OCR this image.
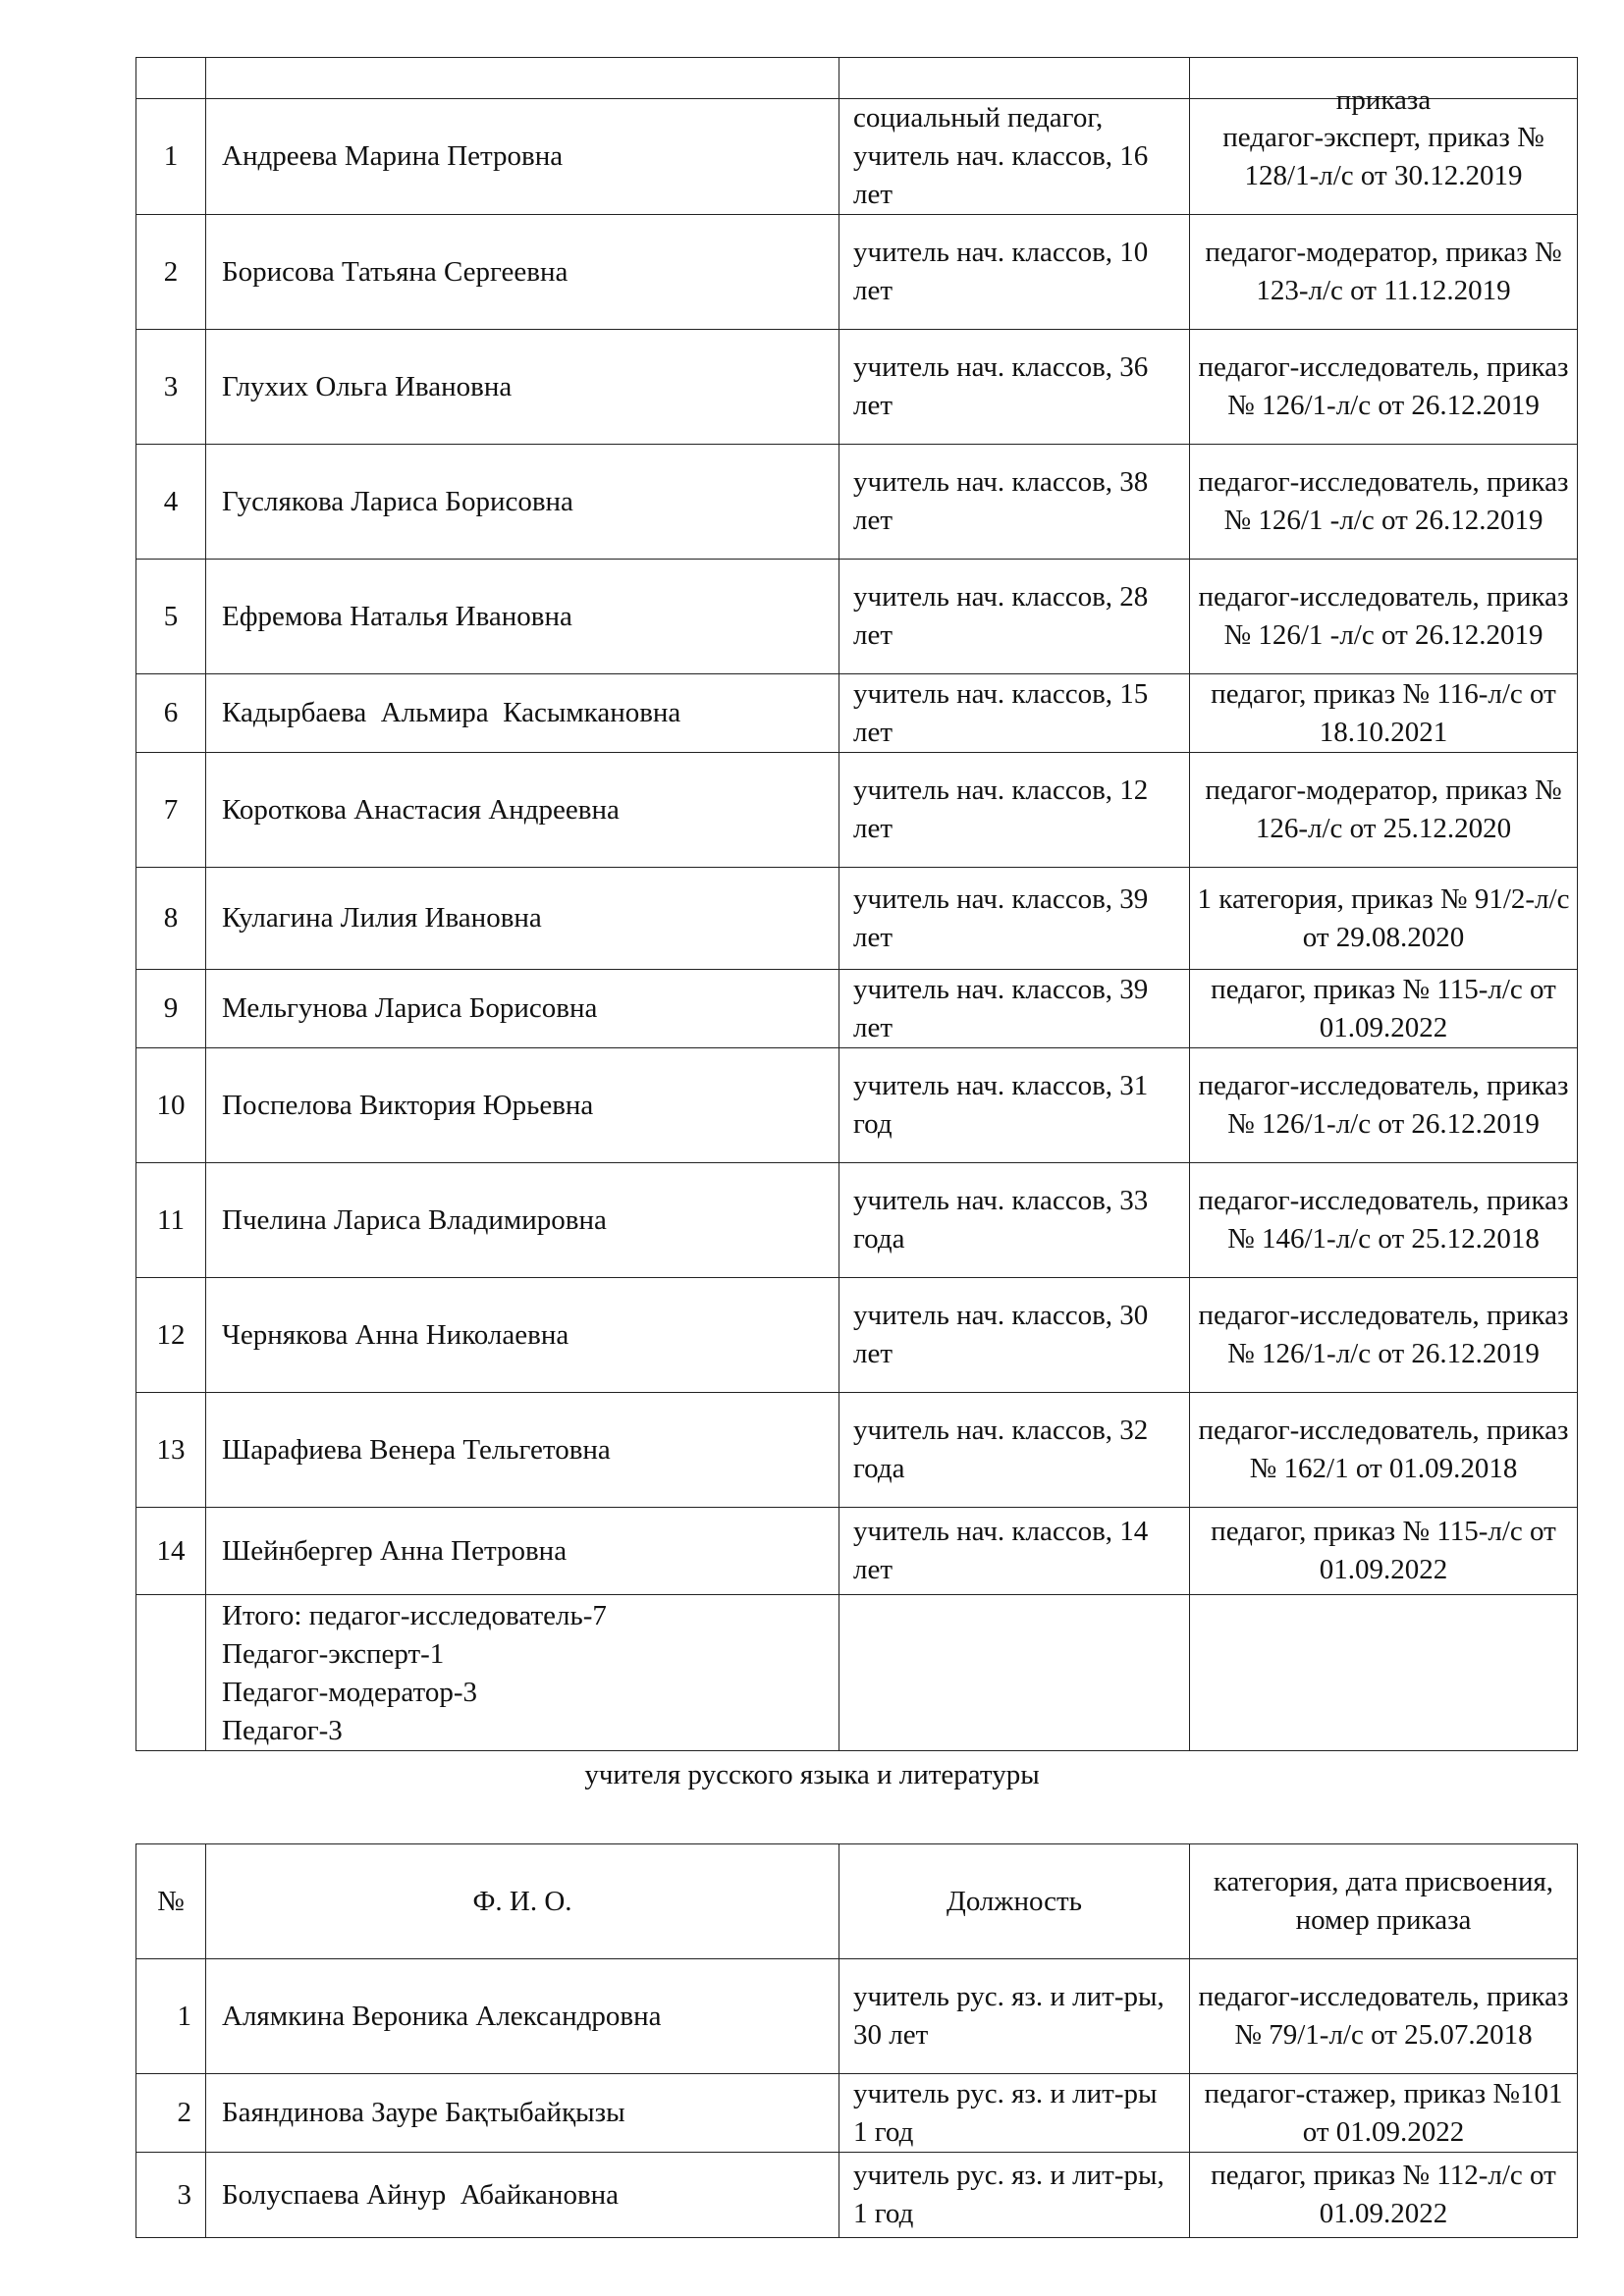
			приказа

1	Андреева Марина Петровна	социальный педагог, учитель нач. классов, 16 лет	педагог-эксперт, приказ № 128/1-л/с от 30.12.2019
2	Борисова Татьяна Сергеевна	учитель нач. классов, 10 лет	педагог-модератор, приказ № 123-л/с от 11.12.2019
3	Глухих Ольга Ивановна	учитель нач. классов, 36 лет	педагог-исследователь, приказ № 126/1-л/с от 26.12.2019
4	Гуслякова Лариса Борисовна	учитель нач. классов, 38 лет	педагог-исследователь, приказ № 126/1 -л/с от 26.12.2019
5	Ефремова Наталья Ивановна	учитель нач. классов, 28 лет	педагог-исследователь, приказ № 126/1 -л/с от 26.12.2019
6	Кадырбаева  Альмира  Касымкановна	учитель нач. классов, 15 лет	педагог, приказ № 116-л/с от 18.10.2021
7	Короткова Анастасия Андреевна	учитель нач. классов, 12 лет	педагог-модератор, приказ № 126-л/с от 25.12.2020
8	Кулагина Лилия Ивановна	учитель нач. классов, 39 лет	1 категория, приказ № 91/2-л/с от 29.08.2020
9	Мельгунова Лариса Борисовна	учитель нач. классов, 39 лет	педагог, приказ № 115-л/с от 01.09.2022
10	Поспелова Виктория Юрьевна	учитель нач. классов, 31 год	педагог-исследователь, приказ № 126/1-л/с от 26.12.2019
11	Пчелина Лариса Владимировна	учитель нач. классов, 33 года	педагог-исследователь, приказ № 146/1-л/с от 25.12.2018
12	Чернякова Анна Николаевна	учитель нач. классов, 30 лет	педагог-исследователь, приказ № 126/1-л/с от 26.12.2019
13	Шарафиева Венера Тельгетовна	учитель нач. классов, 32 года	педагог-исследователь, приказ № 162/1 от 01.09.2018
14	Шейнбергер Анна Петровна	учитель нач. классов, 14 лет	педагог, приказ № 115-л/с от 01.09.2022

	Итого: педагог-исследователь-7
Педагог-эксперт-1
Педагог-модератор-3
Педагог-3		

учителя русского языка и литературы
№	Ф. И. О.	Должность	категория, дата присвоения, номер приказа
1	Алямкина Вероника Александровна	учитель рус. яз. и лит-ры, 30 лет	педагог-исследователь, приказ № 79/1-л/с от 25.07.2018
2	Баяндинова Зауре Бақтыбайқызы	учитель рус. яз. и лит-ры 1 год	педагог-стажер, приказ №101 от 01.09.2022
3	Болуспаева Айнур  Абайкановна	учитель рус. яз. и лит-ры, 1 год	педагог, приказ № 112-л/с от 01.09.2022
